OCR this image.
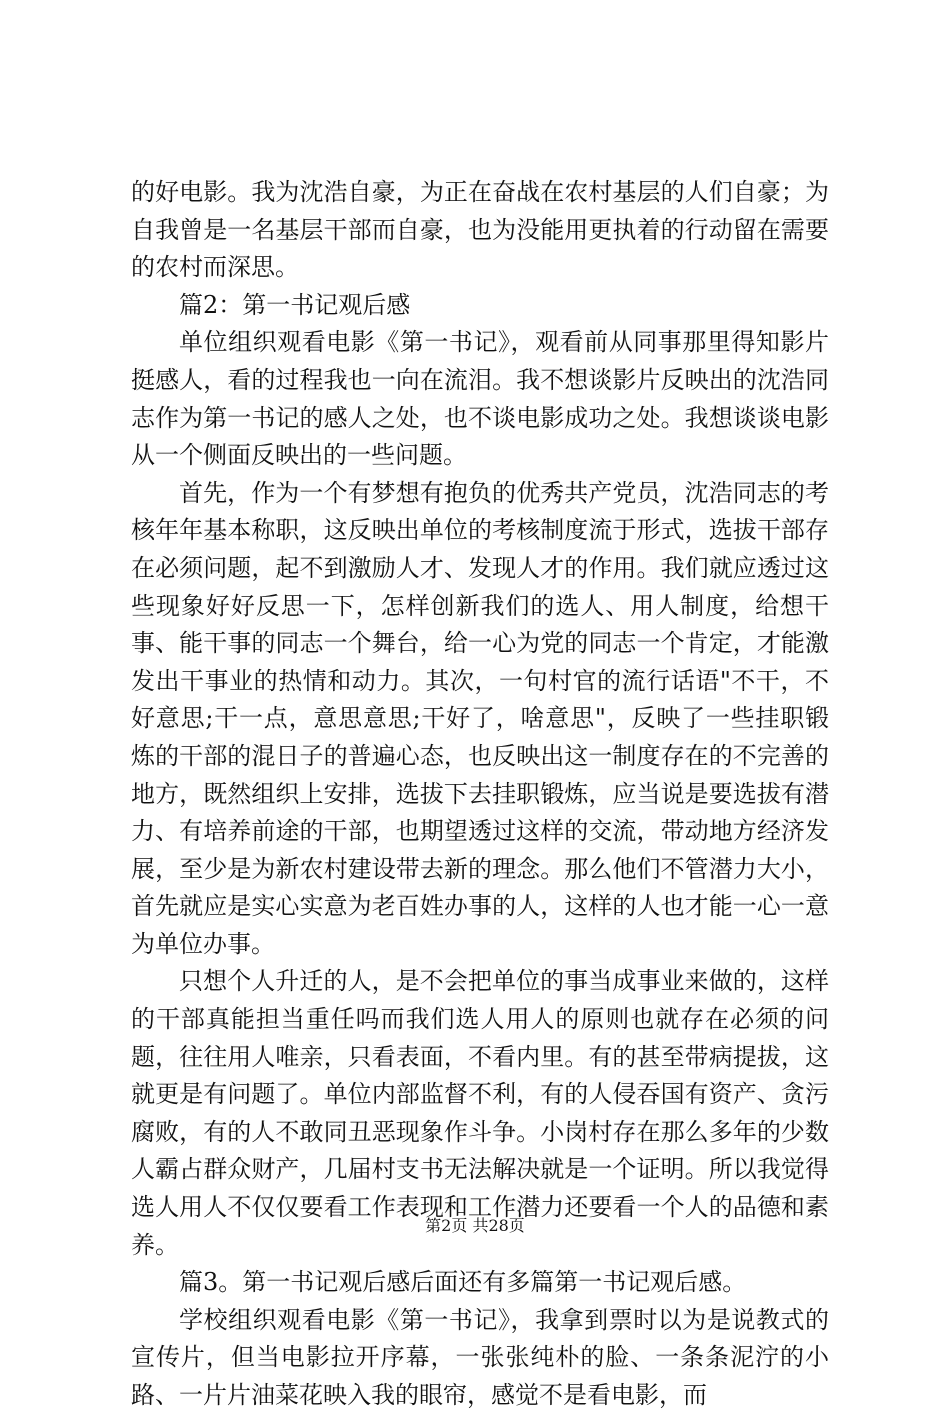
的好电影。我为沈浩自豪，为正在奋战在农村基层的人们自豪；为自我曾是一名基层干部而自豪，也为没能用更执着的行动留在需要的农村而深思。

篇2：第一书记观后感

单位组织观看电影《第一书记》，观看前从同事那里得知影片挺感人，看的过程我也一向在流泪。我不想谈影片反映出的沈浩同志作为第一书记的感人之处，也不谈电影成功之处。我想谈谈电影从一个侧面反映出的一些问题。

首先，作为一个有梦想有抱负的优秀共产党员，沈浩同志的考核年年基本称职，这反映出单位的考核制度流于形式，选拔干部存在必须问题，起不到激励人才、发现人才的作用。我们就应透过这些现象好好反思一下，怎样创新我们的选人、用人制度，给想干事、能干事的同志一个舞台，给一心为党的同志一个肯定，才能激发出干事业的热情和动力。其次，一句村官的流行话语"不干，不好意思;干一点，意思意思;干好了，啥意思"，反映了一些挂职锻炼的干部的混日子的普遍心态，也反映出这一制度存在的不完善的地方，既然组织上安排，选拔下去挂职锻炼，应当说是要选拔有潜力、有培养前途的干部，也期望透过这样的交流，带动地方经济发展，至少是为新农村建设带去新的理念。那么他们不管潜力大小，首先就应是实心实意为老百姓办事的人，这样的人也才能一心一意为单位办事。

只想个人升迁的人，是不会把单位的事当成事业来做的，这样的干部真能担当重任吗而我们选人用人的原则也就存在必须的问题，往往用人唯亲，只看表面，不看内里。有的甚至带病提拔，这就更是有问题了。单位内部监督不利，有的人侵吞国有资产、贪污腐败，有的人不敢同丑恶现象作斗争。小岗村存在那么多年的少数人霸占群众财产，几届村支书无法解决就是一个证明。所以我觉得选人用人不仅仅要看工作表现和工作潜力还要看一个人的品德和素养。

篇3。第一书记观后感后面还有多篇第一书记观后感。

学校组织观看电影《第一书记》，我拿到票时以为是说教式的宣传片，但当电影拉开序幕，一张张纯朴的脸、一条条泥泞的小路、一片片油菜花映入我的眼帘，感觉不是看电影，而

第2页 共28页
